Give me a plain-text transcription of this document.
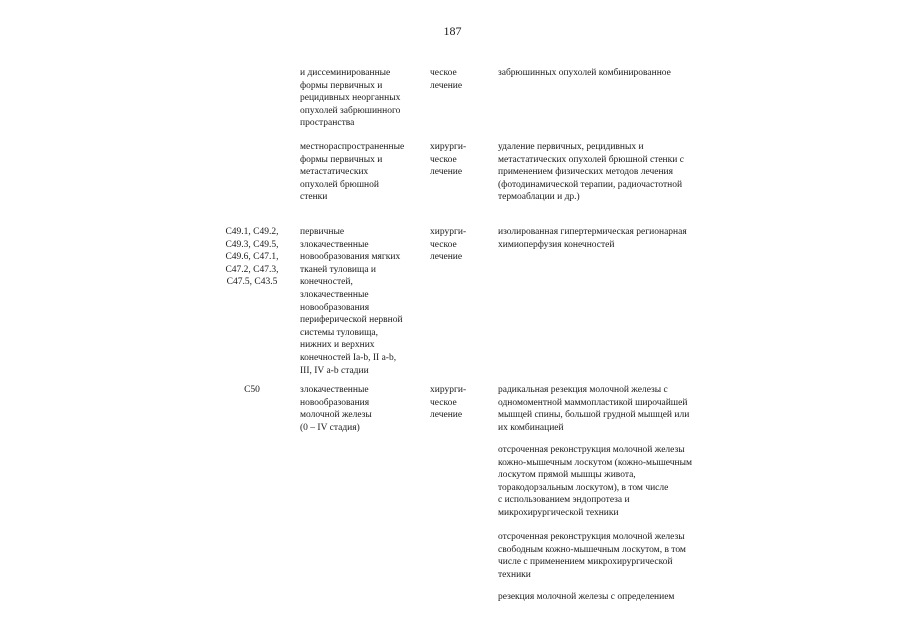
187
и диссеминированные
формы первичных и
рецидивных неорганных
опухолей забрюшинного
пространства
ческое
лечение
забрюшинных опухолей комбинированное
местнораспространенные
формы первичных и
метастатических
опухолей брюшной
стенки
хирурги-
ческое
лечение
удаление первичных, рецидивных и
метастатических опухолей брюшной стенки с
применением физических методов лечения
(фотодинамической терапии, радиочастотной
термоаблации и др.)
C49.1, C49.2,
C49.3, C49.5,
C49.6, C47.1,
C47.2, C47.3,
C47.5, C43.5
первичные
злокачественные
новообразования мягких
тканей туловища и
конечностей,
злокачественные
новообразования
периферической нервной
системы туловища,
нижних и верхних
конечностей Ia-b, II a-b,
III, IV a-b стадии
хирурги-
ческое
лечение
изолированная гипертермическая регионарная
химиоперфузия конечностей
C50	злокачественные
новообразования
молочной железы
(0 – IV стадия)
хирурги-
ческое
лечение
радикальная резекция молочной железы с
одномоментной маммопластикой широчайшей
мышцей спины, большой грудной мышцей или
их комбинацией
отсроченная реконструкция молочной железы
кожно-мышечным лоскутом (кожно-мышечным
лоскутом прямой мышцы живота,
торакодорзальным лоскутом), в том числе
с использованием эндопротеза и
микрохирургической техники
отсроченная реконструкция молочной железы
свободным кожно-мышечным лоскутом, в том
числе с применением микрохирургической
техники
резекция молочной железы с определением
